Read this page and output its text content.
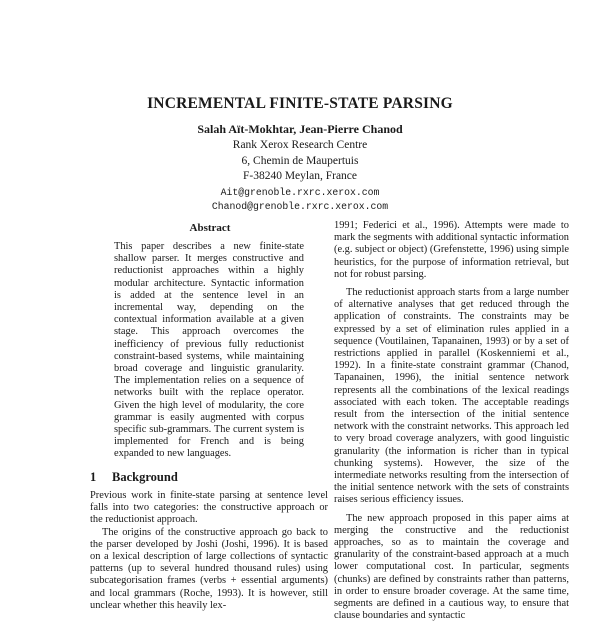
INCREMENTAL FINITE-STATE PARSING
Salah Aït-Mokhtar, Jean-Pierre Chanod
Rank Xerox Research Centre
6, Chemin de Maupertuis
F-38240 Meylan, France
Ait@grenoble.rxrc.xerox.com
Chanod@grenoble.rxrc.xerox.com
Abstract

This paper describes a new finite-state shallow parser. It merges constructive and reductionist approaches within a highly modular architecture. Syntactic information is added at the sentence level in an incremental way, depending on the contextual information available at a given stage. This approach overcomes the inefficiency of previous fully reductionist constraint-based systems, while maintaining broad coverage and linguistic granularity. The implementation relies on a sequence of networks built with the replace operator. Given the high level of modularity, the core grammar is easily augmented with corpus specific sub-grammars. The current system is implemented for French and is being expanded to new languages.

1 Background

Previous work in finite-state parsing at sentence level falls into two categories: the constructive approach or the reductionist approach.

The origins of the constructive approach go back to the parser developed by Joshi (Joshi, 1996). It is based on a lexical description of large collections of syntactic patterns (up to several hundred thousand rules) using subcategorisation frames (verbs + essential arguments) and local grammars (Roche, 1993). It is however, still unclear whether this heavily lex-

1991; Federici et al., 1996). Attempts were made to mark the segments with additional syntactic information (e.g. subject or object) (Grefenstette, 1996) using simple heuristics, for the purpose of information retrieval, but not for robust parsing.

The reductionist approach starts from a large number of alternative analyses that get reduced through the application of constraints. The constraints may be expressed by a set of elimination rules applied in a sequence (Voutilainen, Tapanainen, 1993) or by a set of restrictions applied in parallel (Koskenniemi et al., 1992). In a finite-state constraint grammar (Chanod, Tapanainen, 1996), the initial sentence network represents all the combinations of the lexical readings associated with each token. The acceptable readings result from the intersection of the initial sentence network with the constraint networks. This approach led to very broad coverage analyzers, with good linguistic granularity (the information is richer than in typical chunking systems). However, the size of the intermediate networks resulting from the intersection of the initial sentence network with the sets of constraints raises serious efficiency issues.

The new approach proposed in this paper aims at merging the constructive and the reductionist approaches, so as to maintain the coverage and granularity of the constraint-based approach at a much lower computational cost. In particular, segments (chunks) are defined by constraints rather than patterns, in order to ensure broader coverage. At the same time, segments are defined in a cautious way, to ensure that clause boundaries and syntactic
